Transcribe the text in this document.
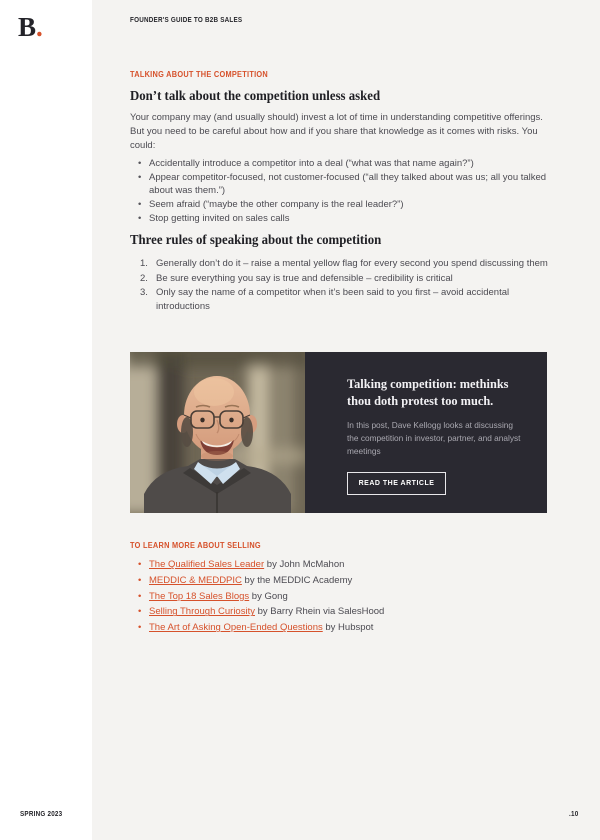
B.	FOUNDER'S GUIDE TO B2B SALES
TALKING ABOUT THE COMPETITION
Don’t talk about the competition unless asked

Your company may (and usually should) invest a lot of time in understanding competitive offerings. But you need to be careful about how and if you share that knowledge as it comes with risks. You could:

• Accidentally introduce a competitor into a deal (“what was that name again?”)
• Appear competitor-focused, not customer-focused (“all they talked about was us; all you talked about was them.”)
• Seem afraid (“maybe the other company is the real leader?”)
• Stop getting invited on sales calls
Three rules of speaking about the competition
Generally don’t do it – raise a mental yellow flag for every second you spend discussing them
Be sure everything you say is true and defensible – credibility is critical
Only say the name of a competitor when it’s been said to you first – avoid accidental introductions
Talking competition: methinks thou doth protest too much.
In this post, Dave Kellogg looks at discussing the competition in investor, partner, and analyst meetings
READ THE ARTICLE
TO LEARN MORE ABOUT SELLING
• The Qualified Sales Leader by John McMahon
• MEDDIC & MEDDPIC by the MEDDIC Academy
• The Top 18 Sales Blogs by Gong
• Selling Through Curiosity by Barry Rhein via SalesHood
• The Art of Asking Open-Ended Questions by Hubspot
SPRING 2023	.10
